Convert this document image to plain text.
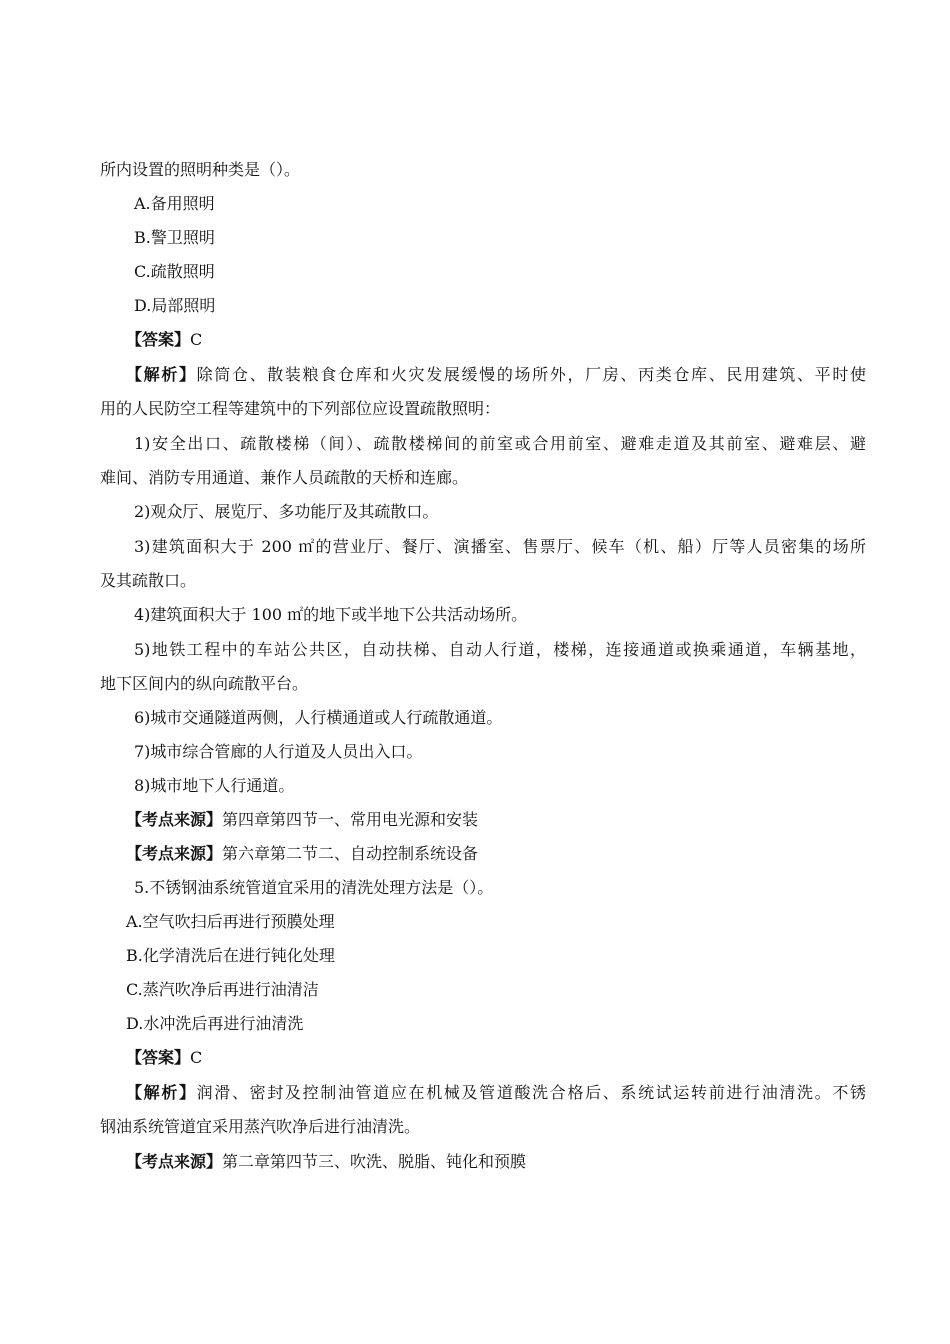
所内设置的照明种类是（）。
A.备用照明
B.警卫照明
C.疏散照明
D.局部照明
【答案】C
【解析】除筒仓、散装粮食仓库和火灾发展缓慢的场所外，厂房、丙类仓库、民用建筑、平时使
用的人民防空工程等建筑中的下列部位应设置疏散照明：
1)安全出口、疏散楼梯（间）、疏散楼梯间的前室或合用前室、避难走道及其前室、避难层、避
难间、消防专用通道、兼作人员疏散的天桥和连廊。
2)观众厅、展览厅、多功能厅及其疏散口。
3)建筑面积大于 200 ㎡的营业厅、餐厅、演播室、售票厅、候车（机、船）厅等人员密集的场所
及其疏散口。
4)建筑面积大于 100 ㎡的地下或半地下公共活动场所。
5)地铁工程中的车站公共区，自动扶梯、自动人行道，楼梯，连接通道或换乘通道，车辆基地，
地下区间内的纵向疏散平台。
6)城市交通隧道两侧，人行横通道或人行疏散通道。
7)城市综合管廊的人行道及人员出入口。
8)城市地下人行通道。
【考点来源】第四章第四节一、常用电光源和安装
【考点来源】第六章第二节二、自动控制系统设备
5.不锈钢油系统管道宜采用的清洗处理方法是（）。
A.空气吹扫后再进行预膜处理
B.化学清洗后在进行钝化处理
C.蒸汽吹净后再进行油清洁
D.水冲洗后再进行油清洗
【答案】C
【解析】润滑、密封及控制油管道应在机械及管道酸洗合格后、系统试运转前进行油清洗。不锈
钢油系统管道宜采用蒸汽吹净后进行油清洗。
【考点来源】第二章第四节三、吹洗、脱脂、钝化和预膜
